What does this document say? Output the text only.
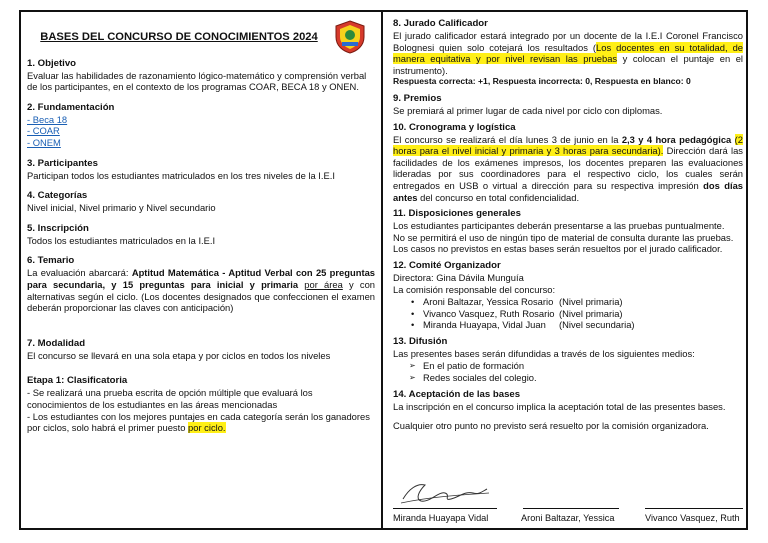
BASES DEL CONCURSO DE CONOCIMIENTOS 2024
1. Objetivo

Evaluar las habilidades de razonamiento lógico-matemático y comprensión verbal de los participantes, en el contexto de los programas COAR, BECA 18 y ONEN.

2. Fundamentación
- Beca 18
- COAR
- ONEM
3. Participantes

Participan todos los estudiantes matriculados en los tres niveles de la I.E.I

4. Categorías

Nivel inicial, Nivel primario y Nivel secundario

5. Inscripción

Todos los estudiantes matriculados en la I.E.I

6. Temario

La evaluación abarcará: Aptitud Matemática - Aptitud Verbal con 25 preguntas para secundaria, y 15 preguntas para inicial y primaria por área y con alternativas según el ciclo. (Los docentes designados que confeccionen el examen deberán proporcionar las claves con anticipación)

7. Modalidad

El concurso se llevará en una sola etapa y por ciclos en todos los niveles

Etapa 1: Clasificatoria

- Se realizará una prueba escrita de opción múltiple que evaluará los conocimientos de los estudiantes en las áreas mencionadas

- Los estudiantes con los mejores puntajes en cada categoría serán los ganadores por ciclos, solo habrá el primer puesto por ciclo.

8. Jurado Calificador

El jurado calificador estará integrado por un docente de la I.E.I Coronel Francisco Bolognesi quien solo cotejará los resultados (Los docentes en su totalidad, de manera equitativa y por nivel revisan las pruebas y colocan el puntaje en el instrumento).

Respuesta correcta: +1, Respuesta incorrecta: 0, Respuesta en blanco: 0

9. Premios

Se premiará al primer lugar de cada nivel por ciclo con diplomas.

10. Cronograma y logística

El concurso se realizará el día lunes 3 de junio en la 2,3 y 4 hora pedagógica (2 horas para el nivel inicial y primaria y 3 horas para secundaria). Dirección dará las facilidades de los exámenes impresos, los docentes preparen las evaluaciones lideradas por sus coordinadores para el respectivo ciclo, los cuales serán entregados en USB o virtual a dirección para su respectiva impresión dos días antes del concurso en total confidencialidad.

11. Disposiciones generales

Los estudiantes participantes deberán presentarse a las pruebas puntualmente.

No se permitirá el uso de ningún tipo de material de consulta durante las pruebas.

Los casos no previstos en estas bases serán resueltos por el jurado calificador.

12. Comité Organizador

Directora: Gina Dávila Munguía

La comisión responsable del concurso:

• Aroni Baltazar, Yessica Rosario (Nivel primaria)
• Vivanco Vasquez, Ruth Rosario (Nivel primaria)
• Miranda Huayapa, Vidal Juan (Nivel secundaria)
13. Difusión

Las presentes bases serán difundidas a través de los siguientes medios:

➢ En el patio de formación
➢ Redes sociales del colegio.
14. Aceptación de las bases

La inscripción en el concurso implica la aceptación total de las presentes bases.

Cualquier otro punto no previsto será resuelto por la comisión organizadora.

Miranda Huayapa Vidal	Aroni Baltazar, Yessica	Vivanco Vasquez, Ruth
